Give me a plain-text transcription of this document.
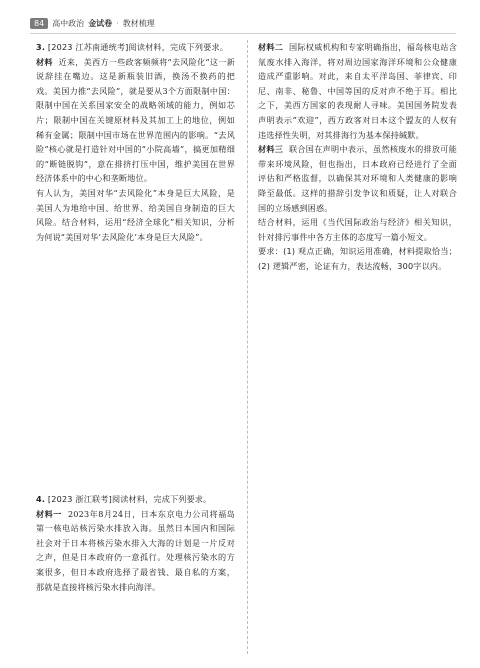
84	高中政治 金试卷 · 教材梳理

3. [2023 江苏南通统考]阅读材料，完成下列要求。

材料 近来，美西方一些政客频频将“去风险化”这一新说辞挂在嘴边。这是新瓶装旧酒，换汤不换药的把戏。美国力推“去风险”，就是要从3个方面限制中国：限制中国在关系国家安全的战略领域的能力，例如芯片；限制中国在关键原材料及其加工上的地位，例如稀有金属；限制中国市场在世界范围内的影响。“去风险”核心就是打造针对中国的“小院高墙”，搞更加精细的“断链脱钩”，意在排挤打压中国，维护美国在世界经济体系中的中心和垄断地位。

有人认为，美国对华“去风险化”本身是巨大风险，是美国人为地给中国、给世界、给美国自身制造的巨大风险。结合材料，运用“经济全球化”相关知识，分析为何说“美国对华‘去风险化’本身是巨大风险”。

材料二 国际权威机构和专家明确指出，福岛核电站含氚废水排入海洋，将对周边国家海洋环境和公众健康造成严重影响。对此，来自太平洋岛国、菲律宾、印尼、南非、秘鲁、中国等国的反对声不绝于耳。相比之下，美西方国家的表现耐人寻味。美国国务院发表声明表示“欢迎”，西方政客对日本这个盟友的人权有违选择性失明，对其排海行为基本保持缄默。

材料三 联合国在声明中表示，虽然核废水的排放可能带来环境风险，但也指出，日本政府已经进行了全面评估和严格监督，以确保其对环境和人类健康的影响降至最低。这样的措辞引发争议和质疑，让人对联合国的立场感到困惑。

结合材料，运用《当代国际政治与经济》相关知识，针对排污事件中各方主体的态度写一篇小短文。

要求：(1) 观点正确，知识运用准确，材料提取恰当；(2) 逻辑严密，论证有力，表达流畅，300字以内。

4. [2023 浙江联考]阅读材料，完成下列要求。

材料一 2023年8月24日，日本东京电力公司将福岛第一核电站核污染水排放入海。虽然日本国内和国际社会对于日本将核污染水排入大海的计划是一片反对之声，但是日本政府仍一意孤行。处理核污染水的方案很多，但日本政府选择了最省钱、最自私的方案，那就是直接将核污染水排向海洋。
